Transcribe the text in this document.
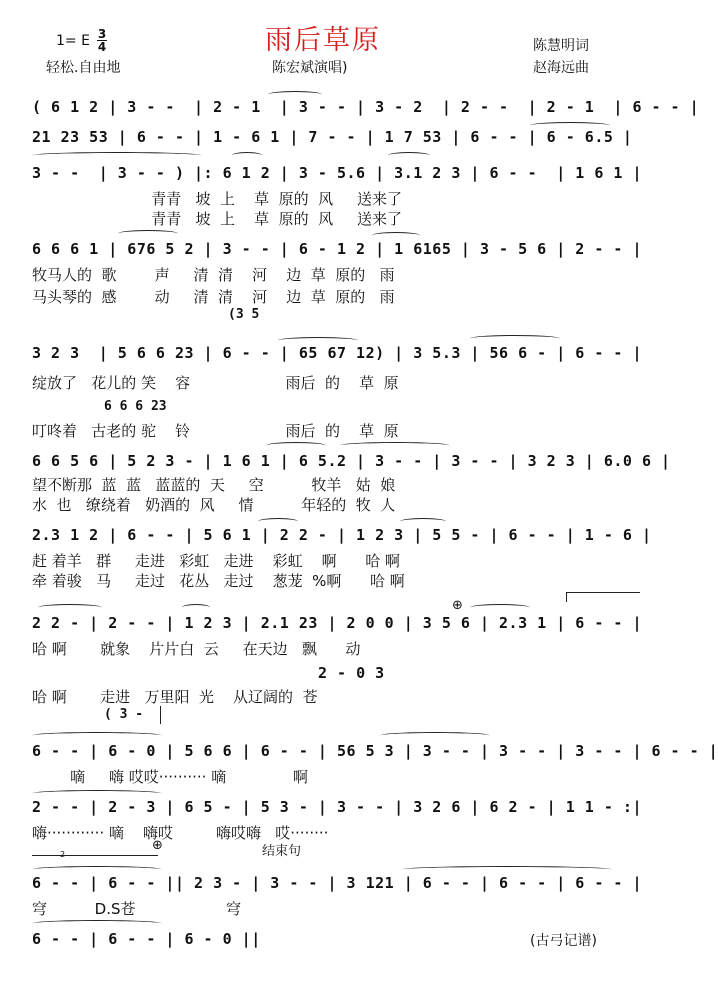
雨后草原
1= E 3
4
轻松.自由地	陈宏斌演唱)
陈慧明词
赵海远曲
( 6 1 2 | 3 - -  | 2 - 1  | 3 - - | 3 - 2  | 2 - -  | 2 - 1  | 6 - - |
21 23 53 | 6 - - | 1 - 6 1 | 7 - - | 1 7 53 | 6 - - | 6 - 6.5 |
3 - -  | 3 - - ) |: 6 1 2 | 3 - 5.6 | 3.1 2 3 | 6 - -  | 1 6 1 |
青青   坡  上    草  原的  风     送来了
青青   坡  上    草  原的  风     送来了
6 6 6 1 | 676 5 2 | 3 - - | 6 - 1 2 | 1 6165 | 3 - 5 6 | 2 - - |
牧马人的  歌        声     清  清    河    边  草  原的   雨
马头琴的  感        动     清  清    河    边  草  原的   雨
(3 5
3 2 3  | 5 6 6 23 | 6 - - | 65 67 12) | 3 5.3 | 56 6 - | 6 - - |
绽放了   花儿的 笑    容                    雨后  的    草  原
6 6 6 23
叮咚着   古老的 驼    铃                    雨后  的    草  原
6 6 5 6 | 5 2 3 - | 1 6 1 | 6 5.2 | 3 - - | 3 - - | 3 2 3 | 6.0 6 |
望不断那  蓝  蓝   蓝蓝的  天     空          牧羊   姑  娘
水  也   缭绕着   奶酒的  风     情          年轻的  牧  人
2.3 1 2 | 6 - - | 5 6 1 | 2 2 - | 1 2 3 | 5 5 - | 6 - - | 1 - 6 |
赶 着羊   群     走进   彩虹   走进    彩虹    啊      哈 啊
牵 着骏   马     走过   花丛   走过    葱茏  %啊      哈 啊
2 2 - | 2 - - | 1 2 3 | 2.1 23 | 2 0 0 | 3 5 6 | 2.3 1 | 6 - - |
⊕
哈 啊       就象    片片白  云     在天边   飘      动
2 - 0 3
哈 啊       走进   万里阳  光    从辽阔的  苍
( 3 -
6 - - | 6 - 0 | 5 6 6 | 6 - - | 56 5 3 | 3 - - | 3 - - | 3 - - | 6 - - |
嘀     嗨 哎哎·········· 嘀              啊
2 - - | 2 - 3 | 6 5 - | 5 3 - | 3 - - | 3 2 6 | 6 2 - | 1 1 - :|
嗨············ 嘀    嗨哎         嗨哎嗨   哎········
2
⊕	结束句
6 - - | 6 - - || 2 3 - | 3 - - | 3 121 | 6 - - | 6 - - | 6 - - |
穹          D.S苍                   穹
6 - - | 6 - - | 6 - 0 ||	(古弓记谱)
